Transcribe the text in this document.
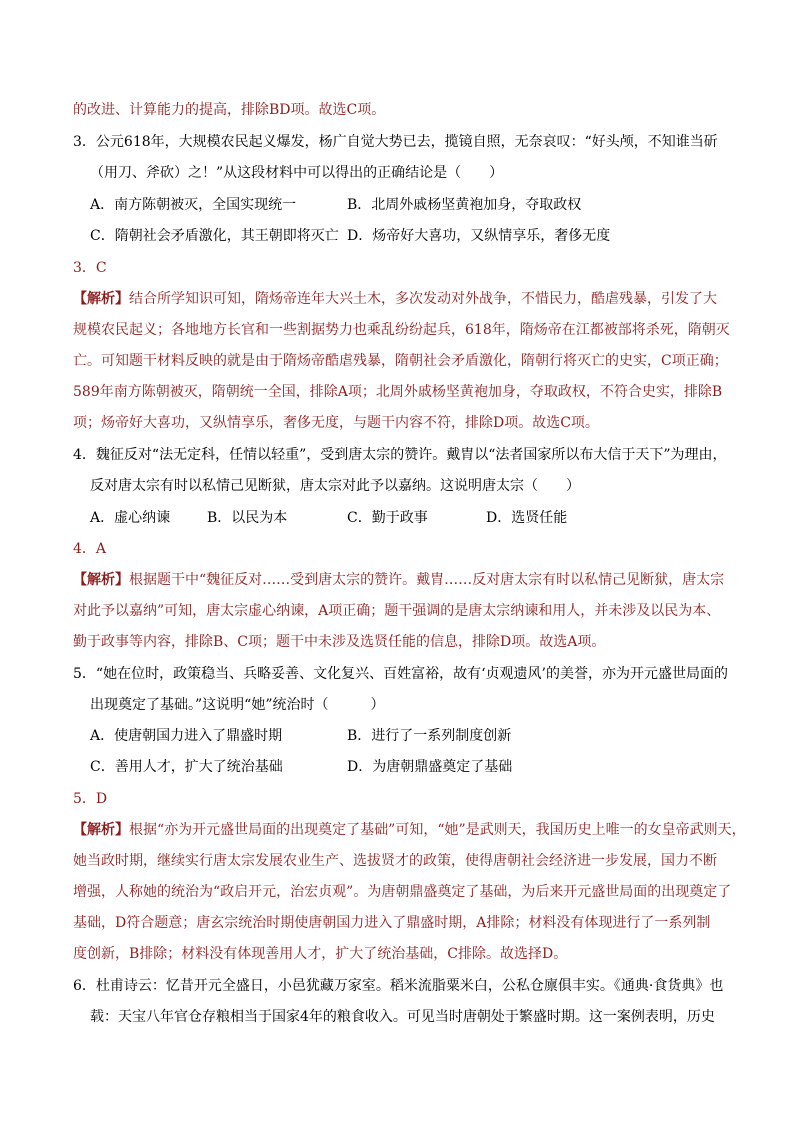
的改进、计算能力的提高，排除BD项。故选C项。
3．公元618年，大规模农民起义爆发，杨广自觉大势已去，揽镜自照，无奈哀叹：“好头颅，不知谁当斫
（用刀、斧砍）之！”从这段材料中可以得出的正确结论是（　　）
A．南方陈朝被灭，全国实现统一	B．北周外戚杨坚黄袍加身，夺取政权
C．隋朝社会矛盾激化，其王朝即将灭亡 D．炀帝好大喜功，又纵情享乐，奢侈无度
3．C
【解析】结合所学知识可知，隋炀帝连年大兴土木，多次发动对外战争，不惜民力，酷虐残暴，引发了大
规模农民起义；各地地方长官和一些割据势力也乘乱纷纷起兵，618年，隋炀帝在江都被部将杀死，隋朝灭
亡。可知题干材料反映的就是由于隋炀帝酷虐残暴，隋朝社会矛盾激化，隋朝行将灭亡的史实，C项正确；
589年南方陈朝被灭，隋朝统一全国，排除A项；北周外戚杨坚黄袍加身，夺取政权，不符合史实，排除B
项；炀帝好大喜功，又纵情享乐，奢侈无度，与题干内容不符，排除D项。故选C项。
4．魏征反对“法无定科，任情以轻重”，受到唐太宗的赞许。戴胄以“法者国家所以布大信于天下”为理由，
反对唐太宗有时以私情己见断狱，唐太宗对此予以嘉纳。这说明唐太宗（　　）
A．虚心纳谏	B．以民为本	C．勤于政事	D．选贤任能
4．A
【解析】根据题干中“魏征反对……受到唐太宗的赞许。戴胄……反对唐太宗有时以私情己见断狱，唐太宗
对此予以嘉纳”可知，唐太宗虚心纳谏，A项正确；题干强调的是唐太宗纳谏和用人，并未涉及以民为本、
勤于政事等内容，排除B、C项；题干中未涉及选贤任能的信息，排除D项。故选A项。
5．“她在位时，政策稳当、兵略妥善、文化复兴、百姓富裕，故有‘贞观遗风’的美誉，亦为开元盛世局面的
出现奠定了基础。”这说明“她”统治时（　　　）
A．使唐朝国力进入了鼎盛时期	B．进行了一系列制度创新
C．善用人才，扩大了统治基础	D．为唐朝鼎盛奠定了基础
5．D
【解析】根据“亦为开元盛世局面的出现奠定了基础”可知，“她”是武则天，我国历史上唯一的女皇帝武则天，
她当政时期，继续实行唐太宗发展农业生产、选拔贤才的政策，使得唐朝社会经济进一步发展，国力不断
增强，人称她的统治为“政启开元，治宏贞观”。为唐朝鼎盛奠定了基础，为后来开元盛世局面的出现奠定了
基础，D符合题意；唐玄宗统治时期使唐朝国力进入了鼎盛时期，A排除；材料没有体现进行了一系列制
度创新，B排除；材料没有体现善用人才，扩大了统治基础，C排除。故选择D。
6．杜甫诗云：忆昔开元全盛日，小邑犹藏万家室。稻米流脂粟米白，公私仓廪俱丰实。《通典·食货典》也
载：天宝八年官仓存粮相当于国家4年的粮食收入。可见当时唐朝处于繁盛时期。这一案例表明，历史
